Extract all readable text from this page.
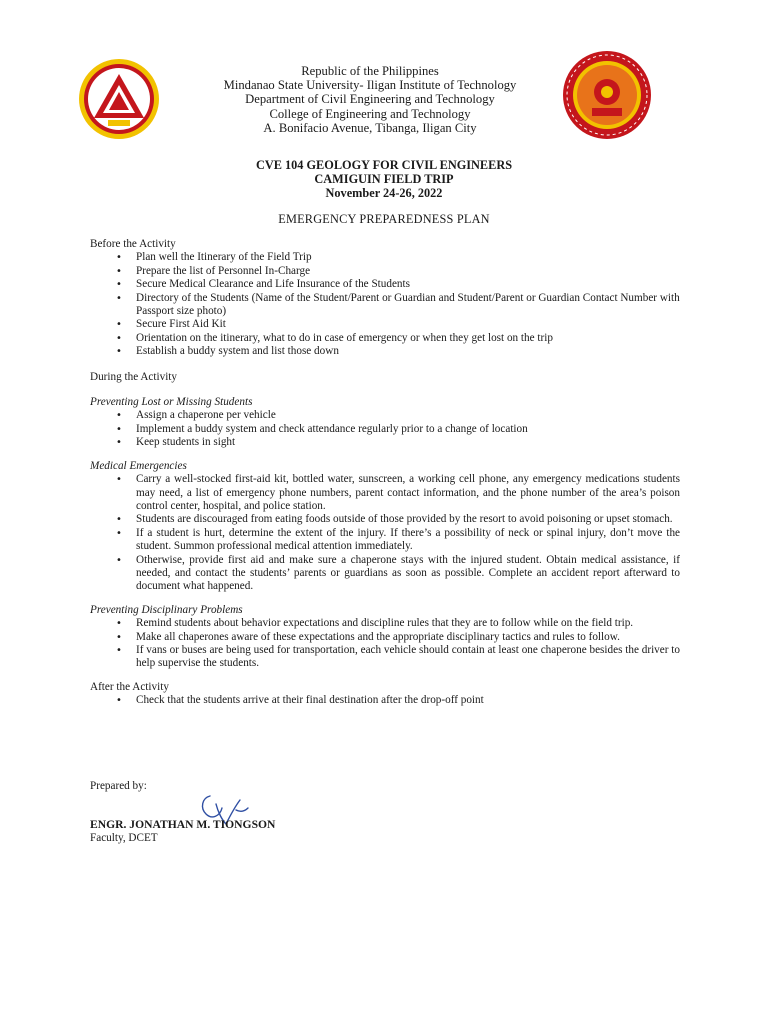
Republic of the Philippines
Mindanao State University- Iligan Institute of Technology
Department of Civil Engineering and Technology
College of Engineering and Technology
A. Bonifacio Avenue, Tibanga, Iligan City
CVE 104 GEOLOGY FOR CIVIL ENGINEERS
CAMIGUIN FIELD TRIP
November 24-26, 2022
EMERGENCY PREPAREDNESS PLAN
Before the Activity
• Plan well the Itinerary of the Field Trip
• Prepare the list of Personnel In-Charge
• Secure Medical Clearance and Life Insurance of the Students
• Directory of the Students (Name of the Student/Parent or Guardian and Student/Parent or Guardian Contact Number with Passport size photo)
• Secure First Aid Kit
• Orientation on the itinerary, what to do in case of emergency or when they get lost on the trip
• Establish a buddy system and list those down
During the Activity
Preventing Lost or Missing Students
• Assign a chaperone per vehicle
• Implement a buddy system and check attendance regularly prior to a change of location
• Keep students in sight
Medical Emergencies
• Carry a well-stocked first-aid kit, bottled water, sunscreen, a working cell phone, any emergency medications students may need, a list of emergency phone numbers, parent contact information, and the phone number of the area’s poison control center, hospital, and police station.
• Students are discouraged from eating foods outside of those provided by the resort to avoid poisoning or upset stomach.
• If a student is hurt, determine the extent of the injury. If there’s a possibility of neck or spinal injury, don’t move the student. Summon professional medical attention immediately.
• Otherwise, provide first aid and make sure a chaperone stays with the injured student. Obtain medical assistance, if needed, and contact the students’ parents or guardians as soon as possible. Complete an accident report afterward to document what happened.
Preventing Disciplinary Problems
• Remind students about behavior expectations and discipline rules that they are to follow while on the field trip.
• Make all chaperones aware of these expectations and the appropriate disciplinary tactics and rules to follow.
• If vans or buses are being used for transportation, each vehicle should contain at least one chaperone besides the driver to help supervise the students.
After the Activity
• Check that the students arrive at their final destination after the drop-off point
Prepared by:
ENGR. JONATHAN M. TIONGSON
Faculty, DCET
